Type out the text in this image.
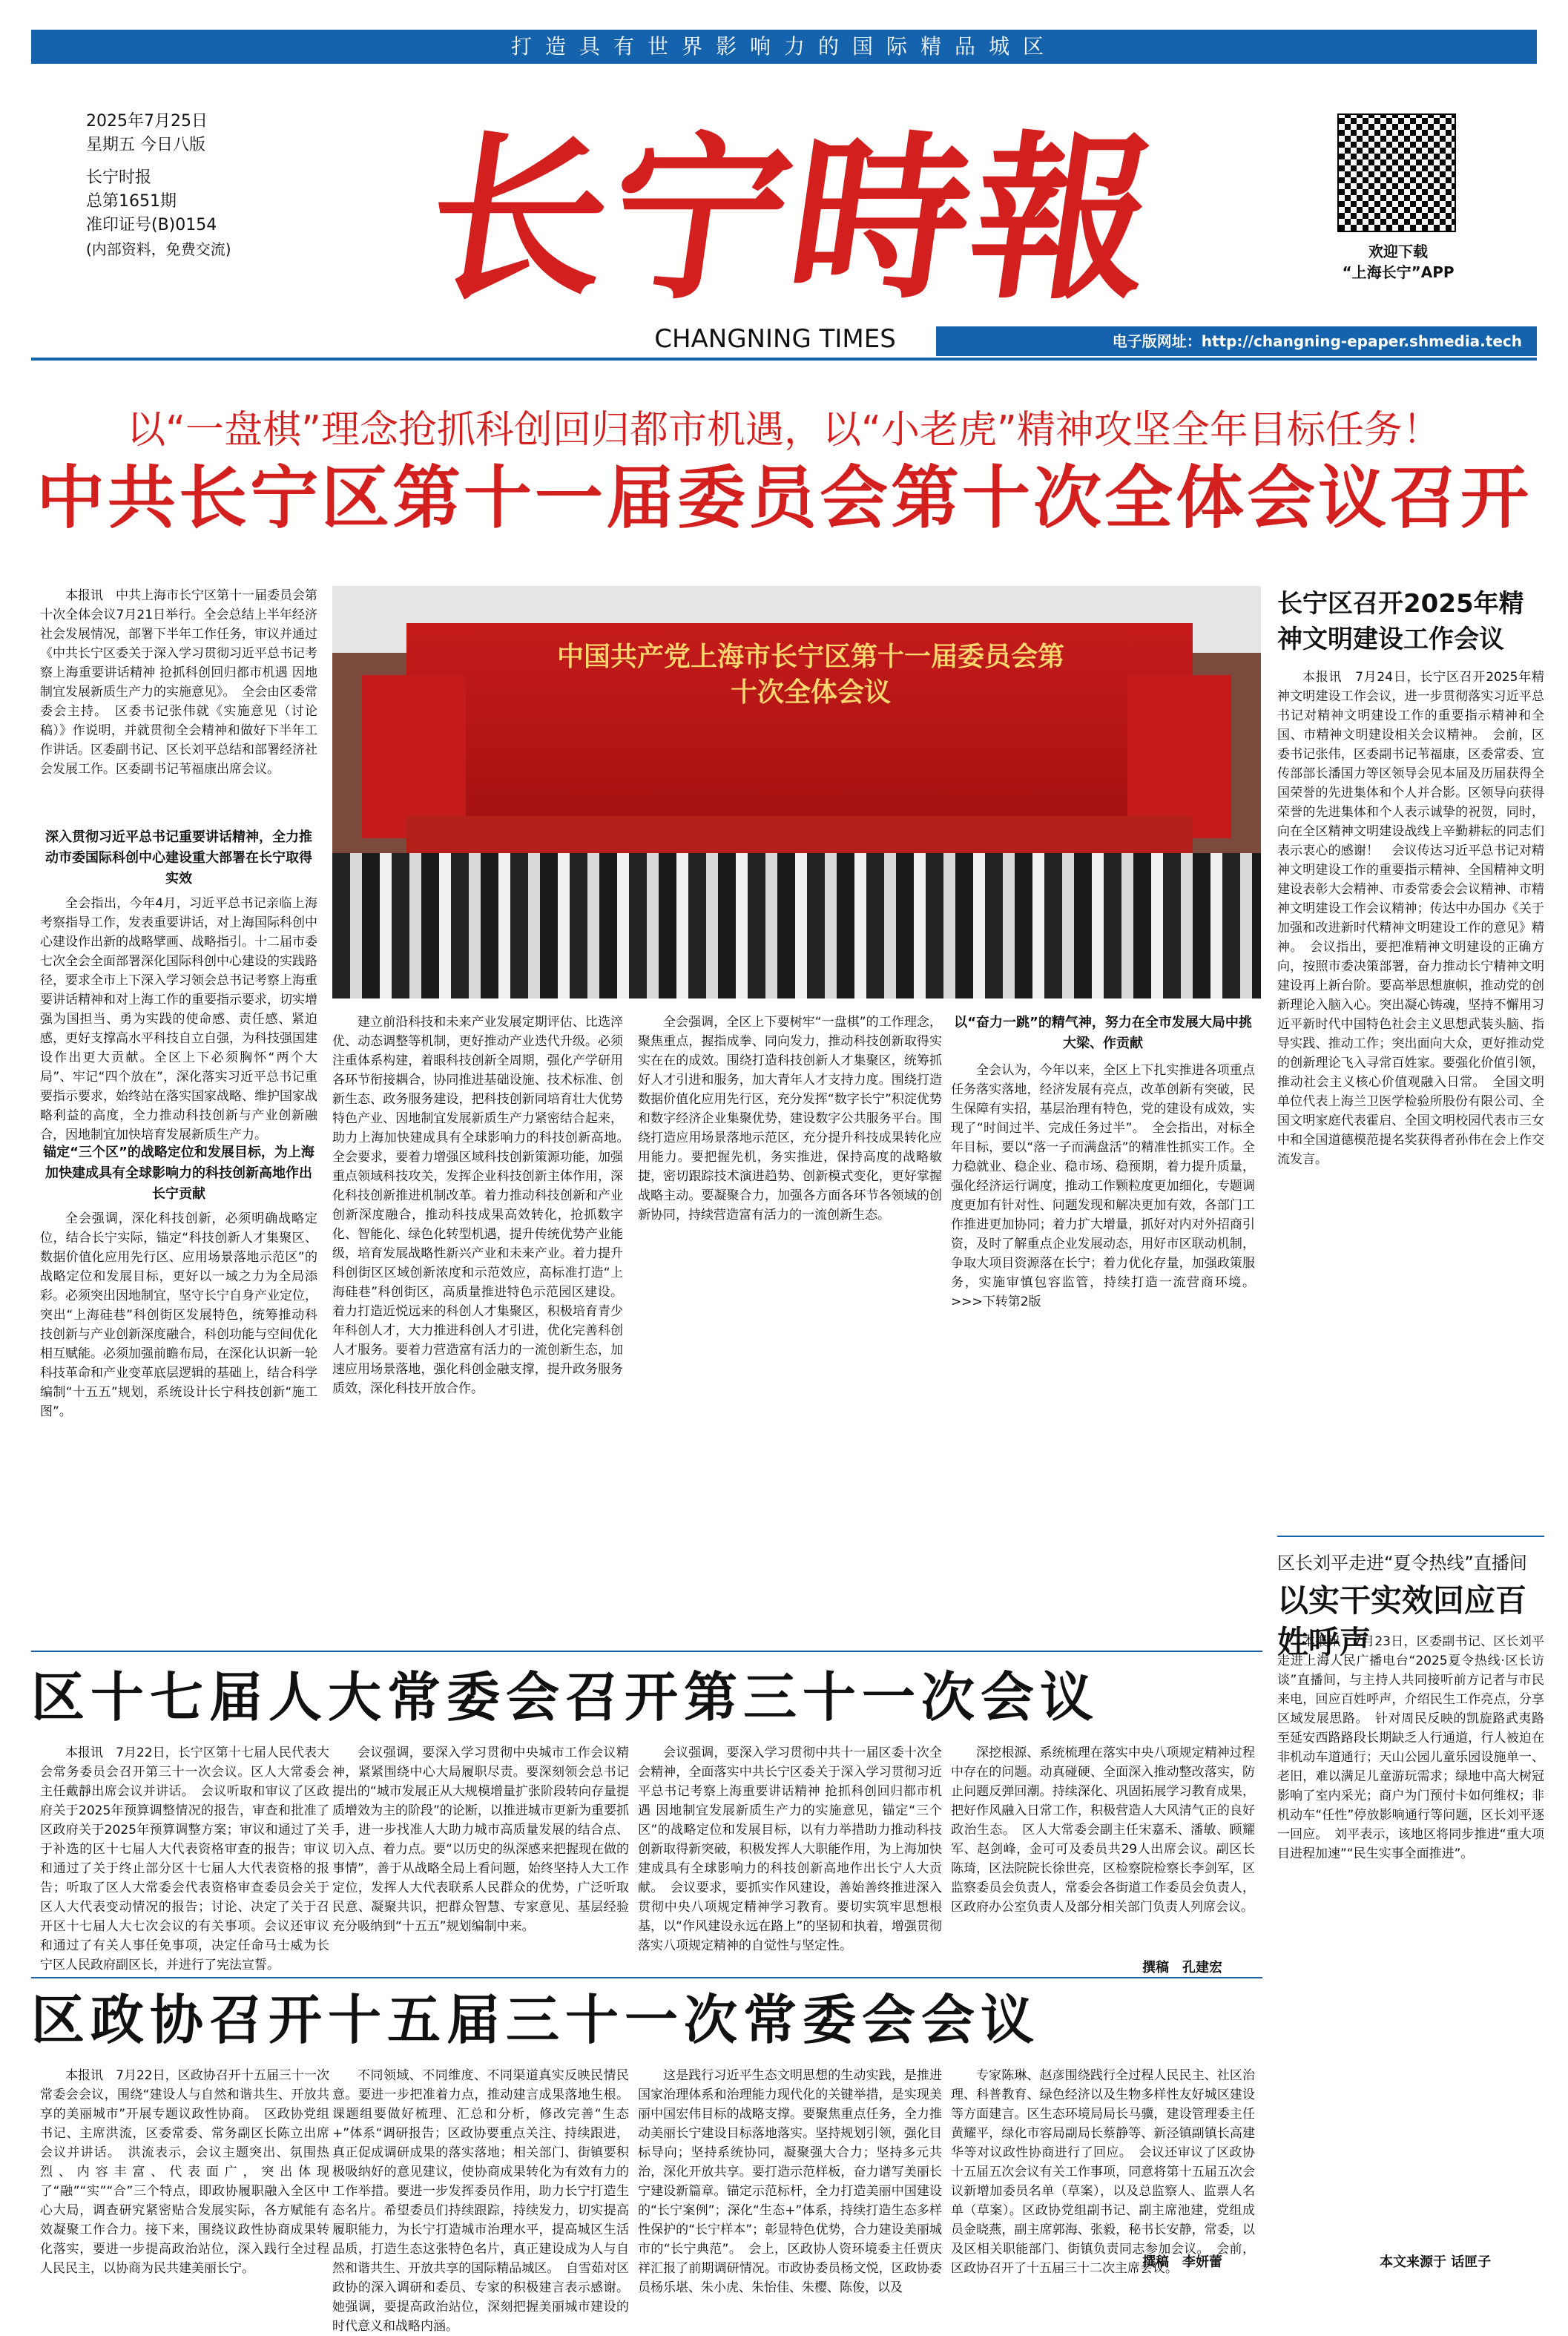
打造具有世界影响力的国际精品城区
2025年7月25日
星期五 今日八版
长宁时报
总第1651期
准印证号(B)0154
(内部资料，免费交流) 长宁時報
CHANGNING TIMES
欢迎下载
“上海长宁”APP
电子版网址：http://changning-epaper.shmedia.tech
以“一盘棋”理念抢抓科创回归都市机遇，以“小老虎”精神攻坚全年目标任务！
中共长宁区第十一届委员会第十次全体会议召开

本报讯　中共上海市长宁区第十一届委员会第十次全体会议7月21日举行。全会总结上半年经济社会发展情况，部署下半年工作任务，审议并通过《中共长宁区委关于深入学习贯彻习近平总书记考察上海重要讲话精神 抢抓科创回归都市机遇 因地制宜发展新质生产力的实施意见》。　全会由区委常委会主持。　区委书记张伟就《实施意见（讨论稿）》作说明，并就贯彻全会精神和做好下半年工作讲话。区委副书记、区长刘平总结和部署经济社会发展工作。区委副书记苇福康出席会议。

深入贯彻习近平总书记重要讲话精神，全力推动市委国际科创中心建设重大部署在长宁取得实效

全会指出，今年4月，习近平总书记亲临上海考察指导工作，发表重要讲话，对上海国际科创中心建设作出新的战略擘画、战略指引。十二届市委七次全会全面部署深化国际科创中心建设的实践路径，要求全市上下深入学习领会总书记考察上海重要讲话精神和对上海工作的重要指示要求，切实增强为国担当、勇为实践的使命感、责任感、紧迫感，更好支撑高水平科技自立自强，为科技强国建设作出更大贡献。全区上下必须胸怀“两个大局”、牢记“四个放在”，深化落实习近平总书记重要指示要求，始终站在落实国家战略、维护国家战略利益的高度，全力推动科技创新与产业创新融合，因地制宜加快培育发展新质生产力。

锚定“三个区”的战略定位和发展目标，为上海加快建成具有全球影响力的科技创新高地作出长宁贡献

全会强调，深化科技创新，必须明确战略定位，结合长宁实际，锚定“科技创新人才集聚区、数据价值化应用先行区、应用场景落地示范区”的战略定位和发展目标，更好以一域之力为全局添彩。必须突出因地制宜，坚守长宁自身产业定位，突出“上海硅巷”科创街区发展特色，统筹推动科技创新与产业创新深度融合，科创功能与空间优化相互赋能。必须加强前瞻布局，在深化认识新一轮科技革命和产业变革底层逻辑的基础上，结合科学编制“十五五”规划，系统设计长宁科技创新“施工图”。

中国共产党上海市长宁区第十一届委员会第十次全体会议

建立前沿科技和未来产业发展定期评估、比选淬优、动态调整等机制，更好推动产业迭代升级。必须注重体系构建，着眼科技创新全周期，强化产学研用各环节衔接耦合，协同推进基础设施、技术标准、创新生态、政务服务建设，把科技创新同培育壮大优势特色产业、因地制宜发展新质生产力紧密结合起来，助力上海加快建成具有全球影响力的科技创新高地。　全会要求，要着力增强区域科技创新策源功能，加强重点领域科技攻关，发挥企业科技创新主体作用，深化科技创新推进机制改革。着力推动科技创新和产业创新深度融合，推动科技成果高效转化，抢抓数字化、智能化、绿色化转型机遇，提升传统优势产业能级，培育发展战略性新兴产业和未来产业。着力提升科创街区区域创新浓度和示范效应，高标准打造“上海硅巷”科创街区，高质量推进特色示范园区建设。着力打造近悦远来的科创人才集聚区，积极培育青少年科创人才，大力推进科创人才引进，优化完善科创人才服务。要着力营造富有活力的一流创新生态，加速应用场景落地，强化科创金融支撑，提升政务服务质效，深化科技开放合作。

全会强调，全区上下要树牢“一盘棋”的工作理念，聚焦重点，握指成拳、同向发力，推动科技创新取得实实在在的成效。围绕打造科技创新人才集聚区，统筹抓好人才引进和服务，加大青年人才支持力度。围绕打造数据价值化应用先行区，充分发挥“数字长宁”积淀优势和数字经济企业集聚优势，建设数字公共服务平台。围绕打造应用场景落地示范区，充分提升科技成果转化应用能力。要把握先机，务实推进，保持高度的战略敏捷，密切跟踪技术演进趋势、创新模式变化，更好掌握战略主动。要凝聚合力，加强各方面各环节各领域的创新协同，持续营造富有活力的一流创新生态。

以“奋力一跳”的精气神，努力在全市发展大局中挑大梁、作贡献

全会认为，今年以来，全区上下扎实推进各项重点任务落实落地，经济发展有亮点，改革创新有突破，民生保障有实招，基层治理有特色，党的建设有成效，实现了“时间过半、完成任务过半”。　全会指出，对标全年目标，要以“落一子而满盘活”的精准性抓实工作。全力稳就业、稳企业、稳市场、稳预期，着力提升质量，强化经济运行调度，推动工作颗粒度更加细化，专题调度更加有针对性、问题发现和解决更加有效，各部门工作推进更加协同；着力扩大增量，抓好对内对外招商引资，及时了解重点企业发展动态，用好市区联动机制，争取大项目资源落在长宁；着力优化存量，加强政策服务，实施审慎包容监管，持续打造一流营商环境。>>>下转第2版

长宁区召开2025年精神文明建设工作会议

本报讯　7月24日，长宁区召开2025年精神文明建设工作会议，进一步贯彻落实习近平总书记对精神文明建设工作的重要指示精神和全国、市精神文明建设相关会议精神。　会前，区委书记张伟，区委副书记苇福康，区委常委、宣传部部长潘国力等区领导会见本届及历届获得全国荣誉的先进集体和个人并合影。区领导向获得荣誉的先进集体和个人表示诚挚的祝贺，同时，向在全区精神文明建设战线上辛勤耕耘的同志们表示衷心的感谢！　会议传达习近平总书记对精神文明建设工作的重要指示精神、全国精神文明建设表彰大会精神、市委常委会会议精神、市精神文明建设工作会议精神；传达中办国办《关于加强和改进新时代精神文明建设工作的意见》精神。　会议指出，要把准精神文明建设的正确方向，按照市委决策部署，奋力推动长宁精神文明建设再上新台阶。要高举思想旗帜，推动党的创新理论入脑入心。突出凝心铸魂，坚持不懈用习近平新时代中国特色社会主义思想武装头脑、指导实践、推动工作；突出面向大众，更好推动党的创新理论飞入寻常百姓家。要强化价值引领，推动社会主义核心价值观融入日常。　全国文明单位代表上海兰卫医学检验所股份有限公司、全国文明家庭代表霍启、全国文明校园代表市三女中和全国道德模范提名奖获得者孙伟在会上作交流发言。

区长刘平走进“夏令热线”直播间
以实干实效回应百姓呼声

本报讯　7月23日，区委副书记、区长刘平走进上海人民广播电台“2025夏令热线·区长访谈”直播间，与主持人共同接听前方记者与市民来电，回应百姓呼声，介绍民生工作亮点，分享区域发展思路。　针对周民反映的凯旋路武夷路至延安西路路段长期缺乏人行通道，行人被迫在非机动车道通行；天山公园儿童乐园设施单一、老旧，难以满足儿童游玩需求；绿地中高大树冠影响了室内采光；商户为门预付卡如何维权；非机动车“任性”停放影响通行等问题，区长刘平逐一回应。　刘平表示，该地区将同步推进“重大项目进程加速”“民生实事全面推进”。

本文来源于 话匣子
区十七届人大常委会召开第三十一次会议

本报讯　7月22日，长宁区第十七届人民代表大会常务委员会召开第三十一次会议。区人大常委会主任戴靜出席会议并讲话。　会议听取和审议了区政府关于2025年预算调整情况的报告，审查和批准了区政府关于2025年预算调整方案；审议和通过了关于补选的区十七届人大代表资格审查的报告；审议和通过了关于终止部分区十七届人大代表资格的报告；听取了区人大常委会代表资格审查委员会关于区人大代表变动情况的报告；讨论、决定了关于召开区十七届人大七次会议的有关事项。会议还审议和通过了有关人事任免事项，决定任命马士威为长宁区人民政府副区长，并进行了宪法宣誓。

会议强调，要深入学习贯彻中央城市工作会议精神，紧紧围绕中心大局履职尽责。要深刻领会总书记提出的“城市发展正从大规模增量扩张阶段转向存量提质增效为主的阶段”的论断，以推进城市更新为重要抓手，进一步找准人大助力城市高质量发展的结合点、切入点、着力点。要“以历史的纵深感来把握现在做的事情”，善于从战略全局上看问题，始终坚持人大工作定位，发挥人大代表联系人民群众的优势，广泛听取民意、凝聚共识，把群众智慧、专家意见、基层经验充分吸纳到“十五五”规划编制中来。

会议强调，要深入学习贯彻中共十一届区委十次全会精神，全面落实中共长宁区委关于深入学习贯彻习近平总书记考察上海重要讲话精神 抢抓科创回归都市机遇 因地制宜发展新质生产力的实施意见，锚定“三个区”的战略定位和发展目标，以有力举措助力推动科技创新取得新突破，积极发挥人大职能作用，为上海加快建成具有全球影响力的科技创新高地作出长宁人大贡献。　会议要求，要抓实作风建设，善始善终推进深入贯彻中央八项规定精神学习教育。要切实筑牢思想根基，以“作风建设永远在路上”的坚韧和执着，增强贯彻落实八项规定精神的自觉性与坚定性。

深挖根源、系统梳理在落实中央八项规定精神过程中存在的问题。动真碰硬、全面深入推动整改落实，防止问题反弹回潮。持续深化、巩固拓展学习教育成果，把好作风融入日常工作，积极营造人大风清气正的良好政治生态。　区人大常委会副主任宋嘉禾、潘敏、顾耀军、赵剑峰，金可可及委员共29人出席会议。副区长陈琦，区法院院长徐世亮，区检察院检察长李剑军，区监察委员会负责人，常委会各街道工作委员会负责人，区政府办公室负责人及部分相关部门负责人列席会议。

撰稿　孔建宏
区政协召开十五届三十一次常委会会议

本报讯　7月22日，区政协召开十五届三十一次常委会会议，围绕“建设人与自然和谐共生、开放共享的美丽城市”开展专题议政性协商。　区政协党组书记、主席洪流，区委常委、常务副区长陈立出席会议并讲话。　洪流表示，会议主题突出、氛围热烈、内容丰富、代表面广，突出体现了“融”“实”“合”三个特点，即政协履职融入全区中心大局，调查研究紧密贴合发展实际，各方赋能有效凝聚工作合力。接下来，围绕议政性协商成果转化落实，要进一步提高政治站位，深入践行全过程人民民主，以协商为民共建美丽长宁。

不同领域、不同维度、不同渠道真实反映民情民意。要进一步把准着力点，推动建言成果落地生根。课题组要做好梳理、汇总和分析，修改完善“生态+”体系“调研报告；区政协要重点关注、持续跟进，真正促成调研成果的落实落地；相关部门、街镇要积极吸纳好的意见建议，使协商成果转化为有效有力的工作举措。要进一步发挥委员作用，助力长宁打造生态名片。希望委员们持续跟踪，持续发力，切实提高履职能力，为长宁打造城市治理水平，提高城区生活品质，打造生态这张特色名片，真正建设成为人与自然和谐共生、开放共享的国际精品城区。　自雪茹对区政协的深入调研和委员、专家的积极建言表示感谢。她强调，要提高政治站位，深刻把握美丽城市建设的时代意义和战略内涵。

这是践行习近平生态文明思想的生动实践，是推进国家治理体系和治理能力现代化的关键举措，是实现美丽中国宏伟目标的战略支撑。要聚焦重点任务，全力推动美丽长宁建设目标落地落实。坚持规划引领，强化目标导向；坚持系统协同，凝聚强大合力；坚持多元共治，深化开放共享。要打造示范样板，奋力谱写美丽长宁建设新篇章。锚定示范标杆，全力打造美丽中国建设的“长宁案例”；深化“生态+”体系，持续打造生态多样性保护的“长宁样本”；彰显特色优势，合力建设美丽城市的“长宁典范”。　会上，区政协人资环境委主任贾庆祥汇报了前期调研情况。市政协委员杨文悦，区政协委员杨乐堪、朱小虎、朱怡佳、朱樱、陈俊，以及

专家陈琳、赵彦围绕践行全过程人民民主、社区治理、科普教育、绿色经济以及生物多样性友好城区建设等方面建言。区生态环境局局长马骥，建设管理委主任黄耀平，绿化市容局副局长蔡静等、新泾镇副镇长高建华等对议政性协商进行了回应。　会议还审议了区政协十五届五次会议有关工作事项，同意将第十五届五次会议新增加委员名单（草案），以及总监察人、监票人名单（草案）。区政协党组副书记、副主席池建，党组成员金晓燕，副主席郭海、张毅，秘书长安静，常委，以及区相关职能部门、街镇负责同志参加会议。　会前，区政协召开了十五届三十二次主席会议。

撰稿　李妍蕾
